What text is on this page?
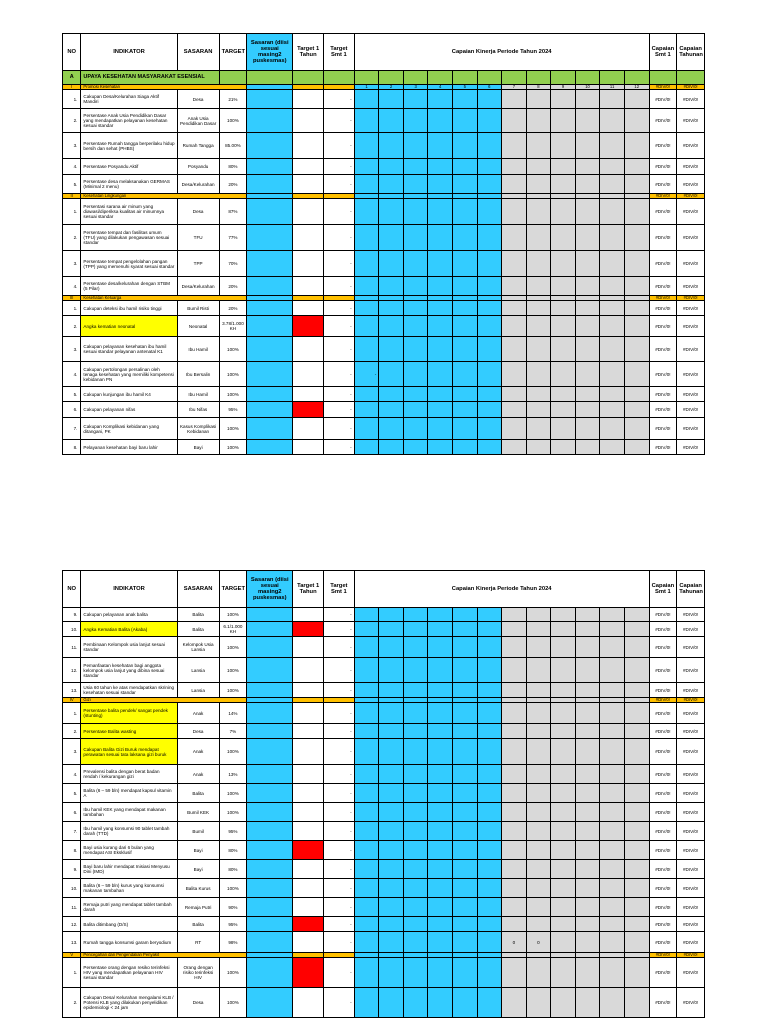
NO	INDIKATOR	SASARAN	TARGET	Sasaran (diisi sesuai masing2 puskesmas)	Target 1 Tahun	Target Smt 1	Capaian Kinerja Periode Tahun 2024												Capaian Smt 1	Capaian Tahunan
A	UPAYA KESEHATAN MASYARAKAT ESENSIAL																			
I	Promosi Kesehatan						1	2	3	4	5	6	7	8	9	10	11	12	#DIV/0!	#DIV/0!
1.	Cakupan Desa/Kelurahan Siaga Aktif Mandiri	Desa	21%			-													#DIV/0!	#DIV/0!
2.	Persentase Anak Usia Pendidikan Dasar yang mendapatkan pelayanan kesehatan sesuai standar	Anak Usia Pendidikan Dasar	100%			-													#DIV/0!	#DIV/0!
3.	Persentase Rumah tangga berperilaku hidup bersih dan sehat (PHBS)	Rumah Tangga	85.00%			-													#DIV/0!	#DIV/0!
4.	Persentase Posyandu Aktif	Posyandu	80%			-													#DIV/0!	#DIV/0!
5.	Persentase desa melaksanakan GERMAS (Minimal 2 menu)	Desa/Kelurahan	20%			-													#DIV/0!	#DIV/0!
II	Kesehatan Lingkungan																		#DIV/0!	#DIV/0!
1.	Persentasi sarana air minum yang diawasi/diperiksa kualitas air minumnya sesuai standar	Desa	87%			-													#DIV/0!	#DIV/0!
2.	Persentase tempat dan fasilitas umum (TFU) yang dilakukan pengawasan sesuai standar	TFU	77%			-													#DIV/0!	#DIV/0!
3.	Persentase tempat pengelolahan pangan (TPP) yang memenuhi syarat sesuai standar	TPP	70%			-													#DIV/0!	#DIV/0!
4.	Persentase desa/kelurahan dengan STBM (5 Pilar)	Desa/Kelurahan	20%			-													#DIV/0!	#DIV/0!
III	Kesehatan Keluarga																		#DIV/0!	#DIV/0!
1.	Cakupan deteksi ibu hamil risiko tinggi	Bumil Risti	20%			-													#DIV/0!	#DIV/0!
2.	Angka kematian neonatal	Neonatal	3.78/1.000 KH			-													#DIV/0!	#DIV/0!
3.	Cakupan pelayanan kesehatan ibu hamil sesuai standar pelayanan antenatal K1	Ibu Hamil	100%			-													#DIV/0!	#DIV/0!
4.	Cakupan pertolongan persalinan oleh tenaga kesehatan yang memiliki kompetensi kebidanan PN	Ibu Bersalin	100%			-	-												#DIV/0!	#DIV/0!
5.	Cakupan kunjungan ibu hamil K4	Ibu Hamil	100%			-													#DIV/0!	#DIV/0!
6.	Cakupan pelayanan nifas	Ibu Nifas	95%			-													#DIV/0!	#DIV/0!
7.	Cakupan Komplikasi kebidanan yang ditangani, PK	Kasus Komplikasi Kebidanan	100%			-													#DIV/0!	#DIV/0!
8.	Pelayanan kesehatan bayi baru lahir	Bayi	100%			-													#DIV/0!	#DIV/0!
NO	INDIKATOR	SASARAN	TARGET	Sasaran (diisi sesuai masing2 puskesmas)	Target 1 Tahun	Target Smt 1	Capaian Kinerja Periode Tahun 2024												Capaian Smt 1	Capaian Tahunan
9.	Cakupan pelayanan anak balita	Balita	100%			-													#DIV/0!	#DIV/0!
10.	Angka Kematian Balita (Akaba)	Balita	6.1/1.000 KH			-													#DIV/0!	#DIV/0!
11.	Pembinaan Kelompok usia lanjut sesuai standar	Kelompok Usia Lansia	100%			-													#DIV/0!	#DIV/0!
12.	Pemanfaatan kesehatan bagi anggota kelompok usia lanjut yang dibina sesuai standar	Lansia	100%			-													#DIV/0!	#DIV/0!
13.	Usia 60 tahun ke atas mendapatkan skrining kesehatan sesuai standar	Lansia	100%			-													#DIV/0!	#DIV/0!
IV	Gizi																		#DIV/0!	#DIV/0!
1.	Persentase balita pendek/ sangat pendek (stunting)	Anak	14%			-													#DIV/0!	#DIV/0!
2.	Persentase Balita wasting	Desa	7%			-													#DIV/0!	#DIV/0!
3.	Cakupan Balita Gizi Buruk mendapat perawatan sesuai tata laksana gizi buruk	Anak	100%			-													#DIV/0!	#DIV/0!
4.	Prevalensi balita dengan berat badan rendah / kekurangan gizi	Anak	13%			-													#DIV/0!	#DIV/0!
5.	Balita (6 – 59 bln) mendapat kapsul vitamin A	Balita	100%			-													#DIV/0!	#DIV/0!
6.	Ibu hamil KEK yang mendapat makanan tambahan	Bumil KEK	100%			-													#DIV/0!	#DIV/0!
7.	Ibu hamil yang konsumsi 90 tablet tambah darah (TTD)	Bumil	95%			-													#DIV/0!	#DIV/0!
8.	Bayi usia kurang dari 6 bulan yang mendapat ASI Eksklusif	Bayi	80%			-													#DIV/0!	#DIV/0!
9.	Bayi baru lahir mendapat Inisiasi Menyusu Dini (IMD)	Bayi	80%			-													#DIV/0!	#DIV/0!
10.	Balita (6 – 59 bln) kurus yang konsumsi makanan tambahan	Balita Kurus	100%			-													#DIV/0!	#DIV/0!
11.	Remaja putri yang mendapat tablet tambah darah	Remaja Putri	90%			-													#DIV/0!	#DIV/0!
12.	Balita ditimbang (D/S)	Balita	95%			-													#DIV/0!	#DIV/0!
13.	Rumah tangga konsumsi garam beryodium	RT	98%			-							0	0					#DIV/0!	#DIV/0!
V	Pencegahan dan Pengendalian Penyakit																		#DIV/0!	#DIV/0!
1.	Persentase orang dengan resiko terinfeksi HIV yang mendapatkan pelayanan HIV sesuai standar	Orang dengan risiko terinfeksi HIV	100%			-													#DIV/0!	#DIV/0!
2.	Cakupan Desa/ Kelurahan mengalami KLB / Potensi KLB yang dilakukan penyelidikan epidemiologi < 24 jam	Desa	100%			-													#DIV/0!	#DIV/0!
